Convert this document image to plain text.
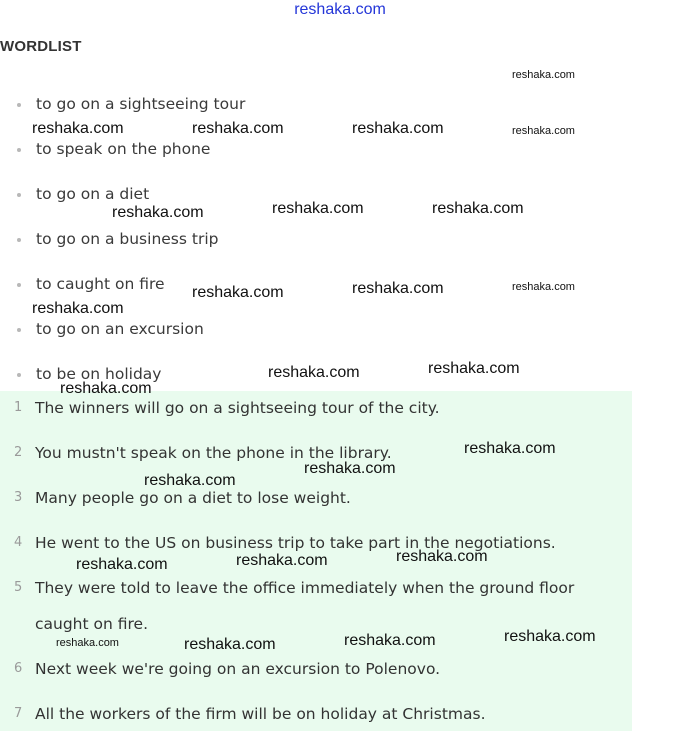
reshaka.com
WORDLIST
to go on a sightseeing tour
to speak on the phone
to go on a diet
to go on a business trip
to caught on fire
to go on an excursion
to be on holiday
1 The winners will go on a sightseeing tour of the city.
2 You mustn't speak on the phone in the library.
3 Many people go on a diet to lose weight.
4 He went to the US on business trip to take part in the negotiations.
5 They were told to leave the office immediately when the ground floor caught on fire.
6 Next week we're going on an excursion to Polenovo.
7 All the workers of the firm will be on holiday at Christmas.
reshaka.com
reshaka.com	reshaka.com	reshaka.com	reshaka.com
reshaka.com	reshaka.com	reshaka.com
reshaka.com	reshaka.com	reshaka.com
reshaka.com
reshaka.com	reshaka.com
reshaka.com
reshaka.com
reshaka.com
reshaka.com
reshaka.com
reshaka.com
reshaka.com
reshaka.com	reshaka.com	reshaka.com	reshaka.com
